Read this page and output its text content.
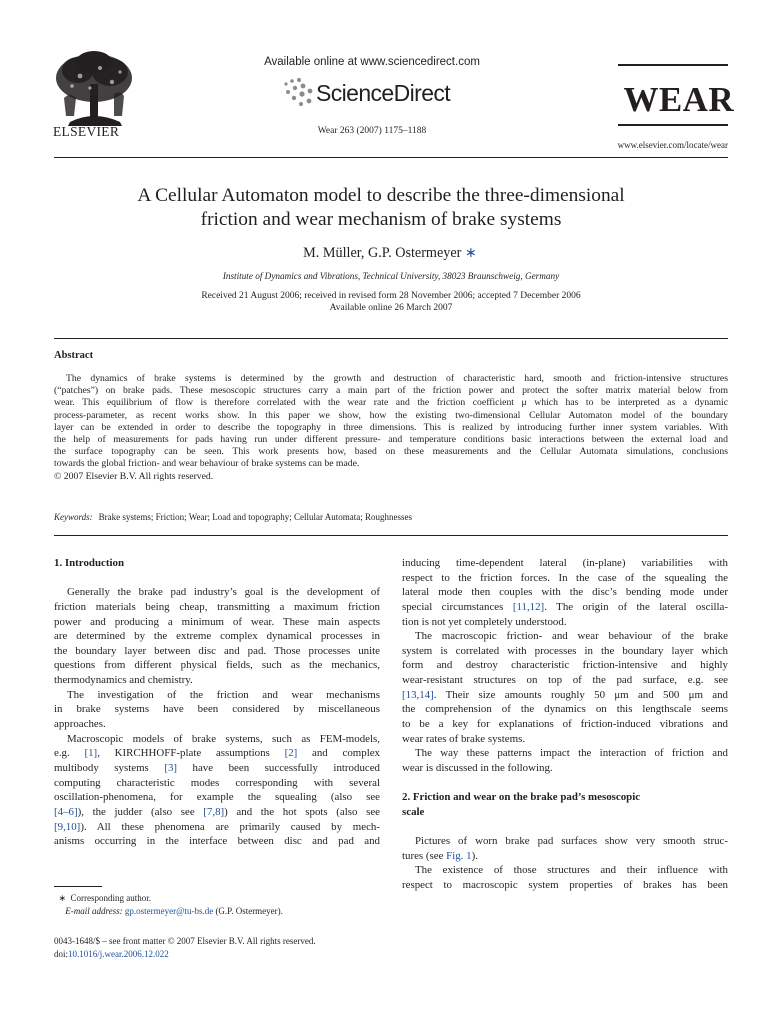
ELSEVIER
Available online at www.sciencedirect.com
ScienceDirect
Wear 263 (2007) 1175–1188
WEAR
www.elsevier.com/locate/wear
A Cellular Automaton model to describe the three-dimensional
friction and wear mechanism of brake systems
M. Müller, G.P. Ostermeyer ∗
Institute of Dynamics and Vibrations, Technical University, 38023 Braunschweig, Germany
Received 21 August 2006; received in revised form 28 November 2006; accepted 7 December 2006
Available online 26 March 2007
Abstract
The dynamics of brake systems is determined by the growth and destruction of characteristic hard, smooth and friction-intensive structures
(“patches”) on brake pads. These mesoscopic structures carry a main part of the friction power and protect the softer matrix material below from
wear. This equilibrium of flow is therefore correlated with the wear rate and the friction coefficient μ which has to be interpreted as a dynamic
process-parameter, as recent works show. In this paper we show, how the existing two-dimensional Cellular Automaton model of the boundary
layer can be extended in order to describe the topography in three dimensions. This is realized by introducing further inner system variables. With
the help of measurements for pads having run under different pressure- and temperature conditions basic interactions between the external load and
the surface topography can be seen. This work presents how, based on these measurements and the Cellular Automata simulations, conclusions
towards the global friction- and wear behaviour of brake systems can be made.
© 2007 Elsevier B.V. All rights reserved.
Keywords: Brake systems; Friction; Wear; Load and topography; Cellular Automata; Roughnesses
1. Introduction
Generally the brake pad industry’s goal is the development of
friction materials being cheap, transmitting a maximum friction
power and producing a minimum of wear. These main aspects
are determined by the extreme complex dynamical processes in
the boundary layer between disc and pad. Those processes unite
questions from different physical fields, such as the mechanics,
thermodynamics and chemistry.
The investigation of the friction and wear mechanisms
in brake systems have been considered by miscellaneous
approaches.
Macroscopic models of brake systems, such as FEM-models,
e.g. [1], KIRCHHOFF-plate assumptions [2] and complex
multibody systems [3] have been successfully introduced
computing characteristic modes corresponding with several
oscillation-phenomena, for example the squealing (also see
[4–6]), the judder (also see [7,8]) and the hot spots (also see
[9,10]). All these phenomena are primarily caused by mech-
anisms occurring in the interface between disc and pad and
inducing time-dependent lateral (in-plane) variabilities with
respect to the friction forces. In the case of the squealing the
lateral mode then couples with the disc’s bending mode under
special circumstances [11,12]. The origin of the lateral oscilla-
tion is not yet completely understood.
The macroscopic friction- and wear behaviour of the brake
system is correlated with processes in the boundary layer which
form and destroy characteristic friction-intensive and highly
wear-resistant structures on top of the pad surface, e.g. see
[13,14]. Their size amounts roughly 50 μm and 500 μm and
the comprehension of the dynamics on this lengthscale seems
to be a key for explanations of friction-induced vibrations and
wear rates of brake systems.
The way these patterns impact the interaction of friction and
wear is discussed in the following.
2. Friction and wear on the brake pad’s mesoscopic
scale
Pictures of worn brake pad surfaces show very smooth struc-
tures (see Fig. 1).
The existence of those structures and their influence with
respect to macroscopic system properties of brakes has been
∗ Corresponding author.
E-mail address: gp.ostermeyer@tu-bs.de (G.P. Ostermeyer).
0043-1648/$ – see front matter © 2007 Elsevier B.V. All rights reserved.
doi:10.1016/j.wear.2006.12.022
